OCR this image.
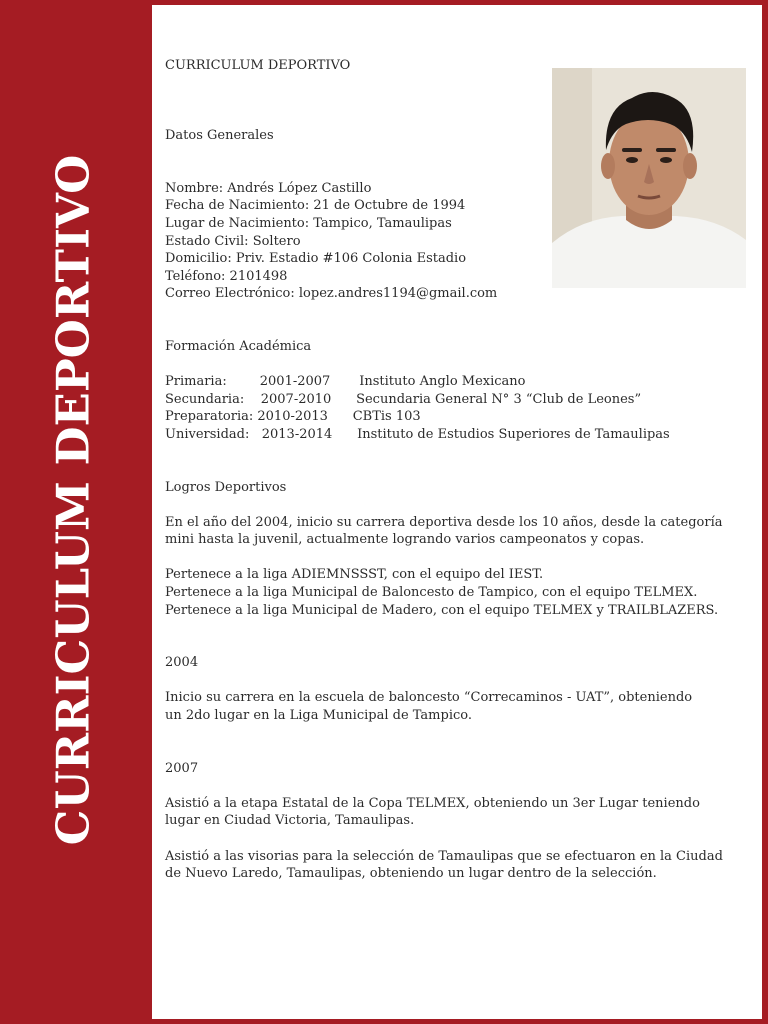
CURRICULUM DEPORTIVO

CURRICULUM DEPORTIVO

Datos Generales

Nombre: Andrés López Castillo

Fecha de Nacimiento: 21 de Octubre de 1994

Lugar de Nacimiento: Tampico, Tamaulipas

Estado Civil: Soltero

Domicilio: Priv. Estadio #106 Colonia Estadio

Teléfono: 2101498

Correo Electrónico: lopez.andres1194@gmail.com

Formación Académica

Primaria:        2001-2007       Instituto Anglo Mexicano

Secundaria:    2007-2010      Secundaria General N° 3 “Club de Leones”

Preparatoria: 2010-2013      CBTis 103

Universidad:   2013-2014      Instituto de Estudios Superiores de Tamaulipas

Logros Deportivos

En el año del 2004, inicio su carrera deportiva desde los 10 años, desde la categoría

mini hasta la juvenil, actualmente logrando varios campeonatos y copas.

Pertenece a la liga ADIEMNSSST, con el equipo del IEST.

Pertenece a la liga Municipal de Baloncesto de Tampico, con el equipo TELMEX.

Pertenece a la liga Municipal de Madero, con el equipo TELMEX y TRAILBLAZERS.

2004

Inicio su carrera en la escuela de baloncesto “Correcaminos - UAT”, obteniendo

un 2do lugar en la Liga Municipal de Tampico.

2007

Asistió a la etapa Estatal de la Copa TELMEX, obteniendo un 3er Lugar teniendo

lugar en Ciudad Victoria, Tamaulipas.

Asistió a las visorias para la selección de Tamaulipas que se efectuaron en la Ciudad

de Nuevo Laredo, Tamaulipas, obteniendo un lugar dentro de la selección.
